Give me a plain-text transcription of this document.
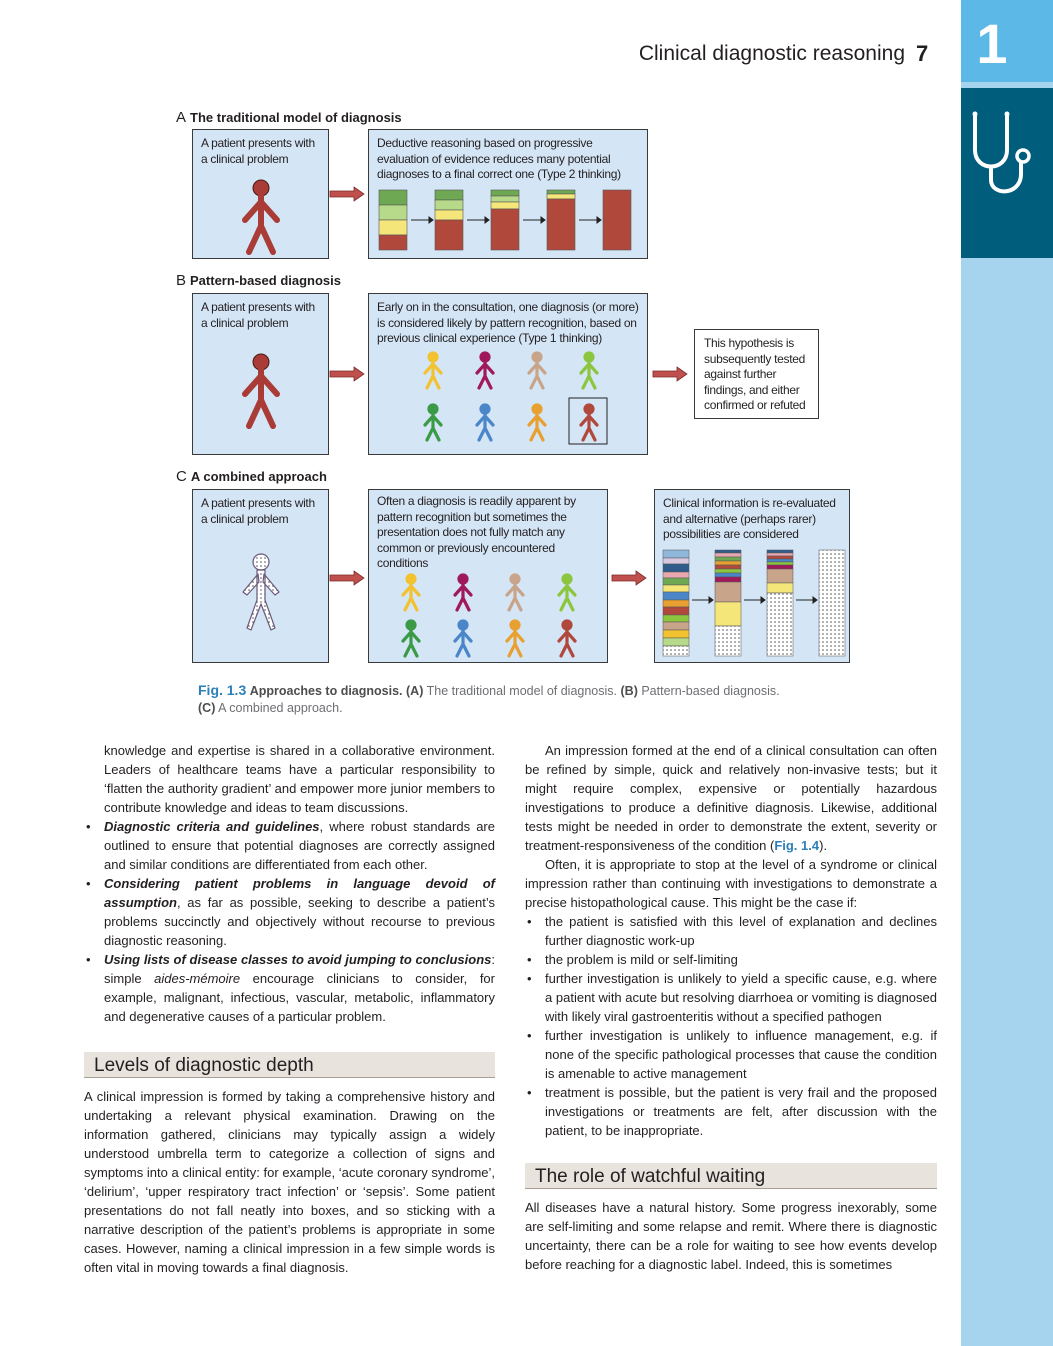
1
Clinical diagnostic reasoning 7
A The traditional model of diagnosis
A patient presents with
a clinical problem
Deductive reasoning based on progressive
evaluation of evidence reduces many potential
diagnoses to a final correct one (Type 2 thinking)
B Pattern-based diagnosis
A patient presents with
a clinical problem
Early on in the consultation, one diagnosis (or more)
is considered likely by pattern recognition, based on
previous clinical experience (Type 1 thinking)	This hypothesis is
subsequently tested
against further
findings, and either
confirmed or refuted
C A combined approach
A patient presents with
a clinical problem
Often a diagnosis is readily apparent by
pattern recognition but sometimes the
presentation does not fully match any
common or previously encountered
conditions
Clinical information is re-evaluated
and alternative (perhaps rarer)
possibilities are considered
Fig. 1.3 Approaches to diagnosis. (A) The traditional model of diagnosis. (B) Pattern-based diagnosis. (C) A combined approach.

knowledge and expertise is shared in a collaborative environment. Leaders of healthcare teams have a particular responsibility to ‘flatten the authority gradient’ and empower more junior members to contribute knowledge and ideas to team discussions.

• Diagnostic criteria and guidelines, where robust standards are outlined to ensure that potential diagnoses are correctly assigned and similar conditions are differentiated from each other.

• Considering patient problems in language devoid of assumption, as far as possible, seeking to describe a patient’s problems succinctly and objectively without recourse to previous diagnostic reasoning.

• Using lists of disease classes to avoid jumping to conclusions: simple aides-mémoire encourage clinicians to consider, for example, malignant, infectious, vascular, metabolic, inflammatory and degenerative causes of a particular problem.

Levels of diagnostic depth

A clinical impression is formed by taking a comprehensive history and undertaking a relevant physical examination. Drawing on the information gathered, clinicians may typically assign a widely understood umbrella term to categorize a collection of signs and symptoms into a clinical entity: for example, ‘acute coronary syndrome’, ‘delirium’, ‘upper respiratory tract infection’ or ‘sepsis’. Some patient presentations do not fall neatly into boxes, and so sticking with a narrative description of the patient’s problems is appropriate in some cases. However, naming a clinical impression in a few simple words is often vital in moving towards a final diagnosis.

An impression formed at the end of a clinical consultation can often be refined by simple, quick and relatively non-invasive tests; but it might require complex, expensive or potentially hazardous investigations to produce a definitive diagnosis. Likewise, additional tests might be needed in order to demonstrate the extent, severity or treatment-responsiveness of the condition (Fig. 1.4).

Often, it is appropriate to stop at the level of a syndrome or clinical impression rather than continuing with investigations to demonstrate a precise histopathological cause. This might be the case if:

• the patient is satisfied with this level of explanation and declines further diagnostic work-up

• the problem is mild or self-limiting

• further investigation is unlikely to yield a specific cause, e.g. where a patient with acute but resolving diarrhoea or vomiting is diagnosed with likely viral gastroenteritis without a specified pathogen

• further investigation is unlikely to influence management, e.g. if none of the specific pathological processes that cause the condition is amenable to active management

• treatment is possible, but the patient is very frail and the proposed investigations or treatments are felt, after discussion with the patient, to be inappropriate.

The role of watchful waiting

All diseases have a natural history. Some progress inexorably, some are self-limiting and some relapse and remit. Where there is diagnostic uncertainty, there can be a role for waiting to see how events develop before reaching for a diagnostic label. Indeed, this is sometimes
